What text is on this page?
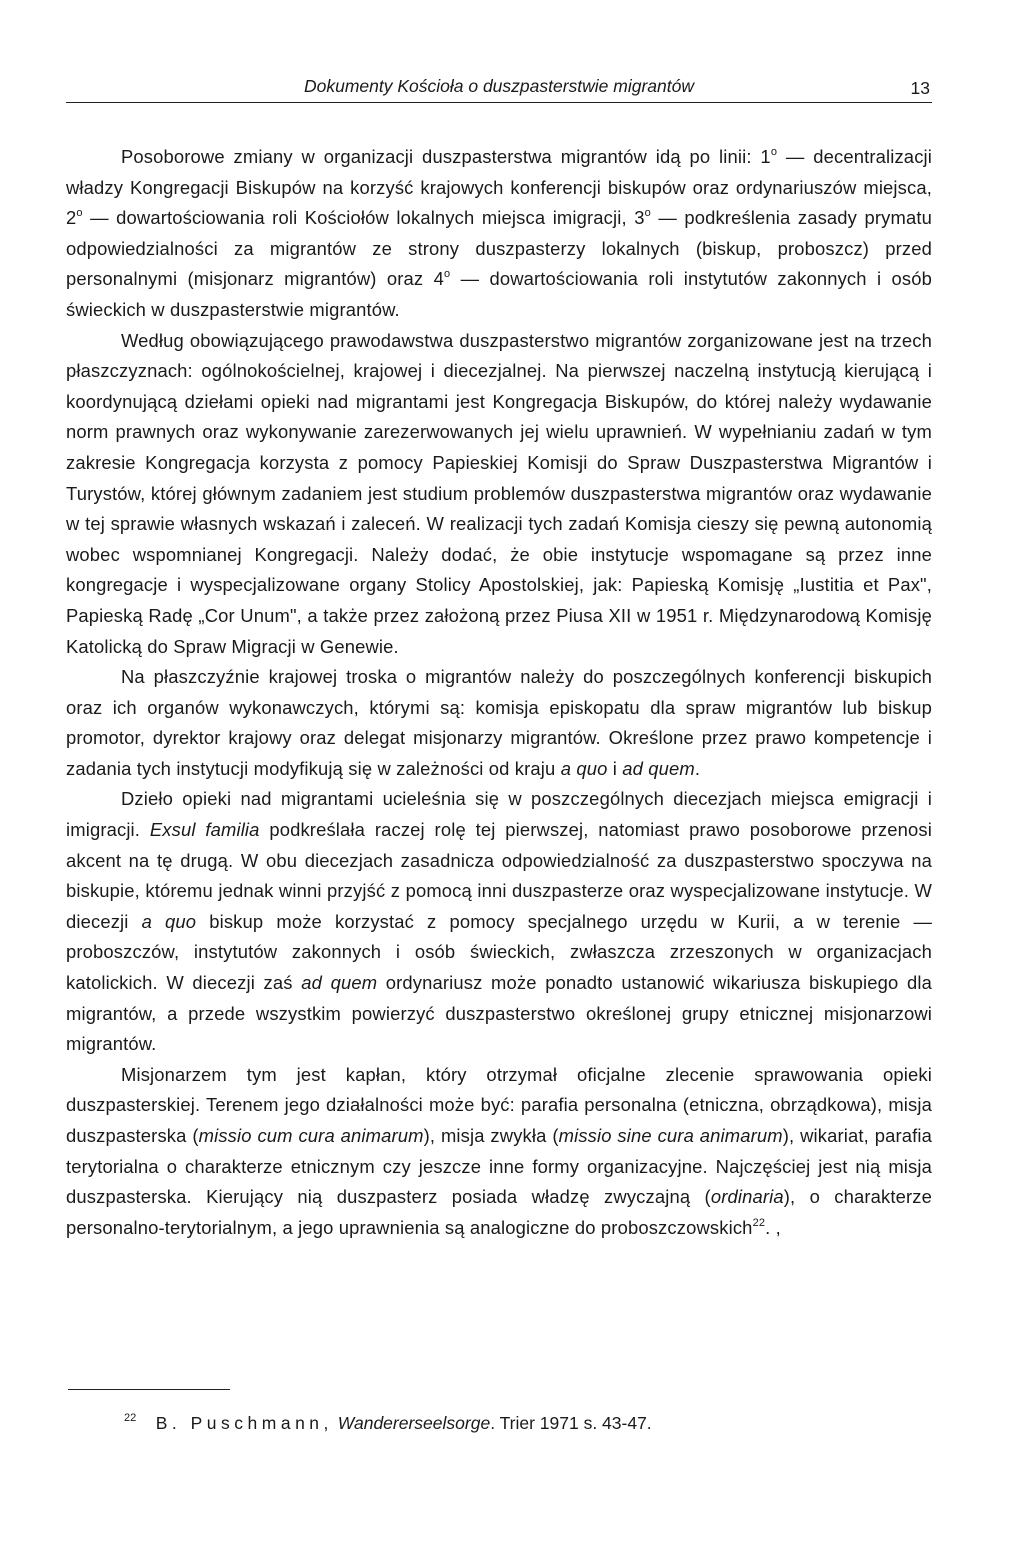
Dokumenty Kościoła o duszpasterstwie migrantów	13

Posoborowe zmiany w organizacji duszpasterstwa migrantów idą po linii: 1$^o$ — decentralizacji władzy Kongregacji Biskupów na korzyść krajowych konferencji biskupów oraz ordynariuszów miejsca, 2$^o$ — dowartościowania roli Kościołów lokalnych miejsca imigracji, 3$^o$ — podkreślenia zasady prymatu odpowiedzialności za migrantów ze strony duszpasterzy lokalnych (biskup, proboszcz) przed personalnymi (misjonarz migrantów) oraz 4$^o$ — dowartościowania roli instytutów zakonnych i osób świeckich w duszpasterstwie migrantów.

Według obowiązującego prawodawstwa duszpasterstwo migrantów zorganizowane jest na trzech płaszczyznach: ogólnokościelnej, krajowej i diecezjalnej. Na pierwszej naczelną instytucją kierującą i koordynującą dziełami opieki nad migrantami jest Kongregacja Biskupów, do której należy wydawanie norm prawnych oraz wykonywanie zarezerwowanych jej wielu uprawnień. W wypełnianiu zadań w tym zakresie Kongregacja korzysta z pomocy Papieskiej Komisji do Spraw Duszpasterstwa Migrantów i Turystów, której głównym zadaniem jest studium problemów duszpasterstwa migrantów oraz wydawanie w tej sprawie własnych wskazań i zaleceń. W realizacji tych zadań Komisja cieszy się pewną autonomią wobec wspomnianej Kongregacji. Należy dodać, że obie instytucje wspomagane są przez inne kongregacje i wyspecjalizowane organy Stolicy Apostolskiej, jak: Papieską Komisję „Iustitia et Pax", Papieską Radę „Cor Unum", a także przez założoną przez Piusa XII w 1951 r. Międzynarodową Komisję Katolicką do Spraw Migracji w Genewie.

Na płaszczyźnie krajowej troska o migrantów należy do poszczególnych konferencji biskupich oraz ich organów wykonawczych, którymi są: komisja episkopatu dla spraw migrantów lub biskup promotor, dyrektor krajowy oraz delegat misjonarzy migrantów. Określone przez prawo kompetencje i zadania tych instytucji modyfikują się w zależności od kraju a quo i ad quem.

Dzieło opieki nad migrantami ucieleśnia się w poszczególnych diecezjach miejsca emigracji i imigracji. Exsul familia podkreślała raczej rolę tej pierwszej, natomiast prawo posoborowe przenosi akcent na tę drugą. W obu diecezjach zasadnicza odpowiedzialność za duszpasterstwo spoczywa na biskupie, któremu jednak winni przyjść z pomocą inni duszpasterze oraz wyspecjalizowane instytucje. W diecezji a quo biskup może korzystać z pomocy specjalnego urzędu w Kurii, a w terenie — proboszczów, instytutów zakonnych i osób świeckich, zwłaszcza zrzeszonych w organizacjach katolickich. W diecezji zaś ad quem ordynariusz może ponadto ustanowić wikariusza biskupiego dla migrantów, a przede wszystkim powierzyć duszpasterstwo określonej grupy etnicznej misjonarzowi migrantów.

Misjonarzem tym jest kapłan, który otrzymał oficjalne zlecenie sprawowania opieki duszpasterskiej. Terenem jego działalności może być: parafia personalna (etniczna, obrządkowa), misja duszpasterska (missio cum cura animarum), misja zwykła (missio sine cura animarum), wikariat, parafia terytorialna o charakterze etnicznym czy jeszcze inne formy organizacyjne. Najczęściej jest nią misja duszpasterska. Kierujący nią duszpasterz posiada władzę zwyczajną (ordinaria), o charakterze personalno-terytorialnym, a jego uprawnienia są analogiczne do proboszczowskich$^{22}$. ,

$^{22}$ B. Puschmann, Wandererseelsorge. Trier 1971 s. 43-47.
